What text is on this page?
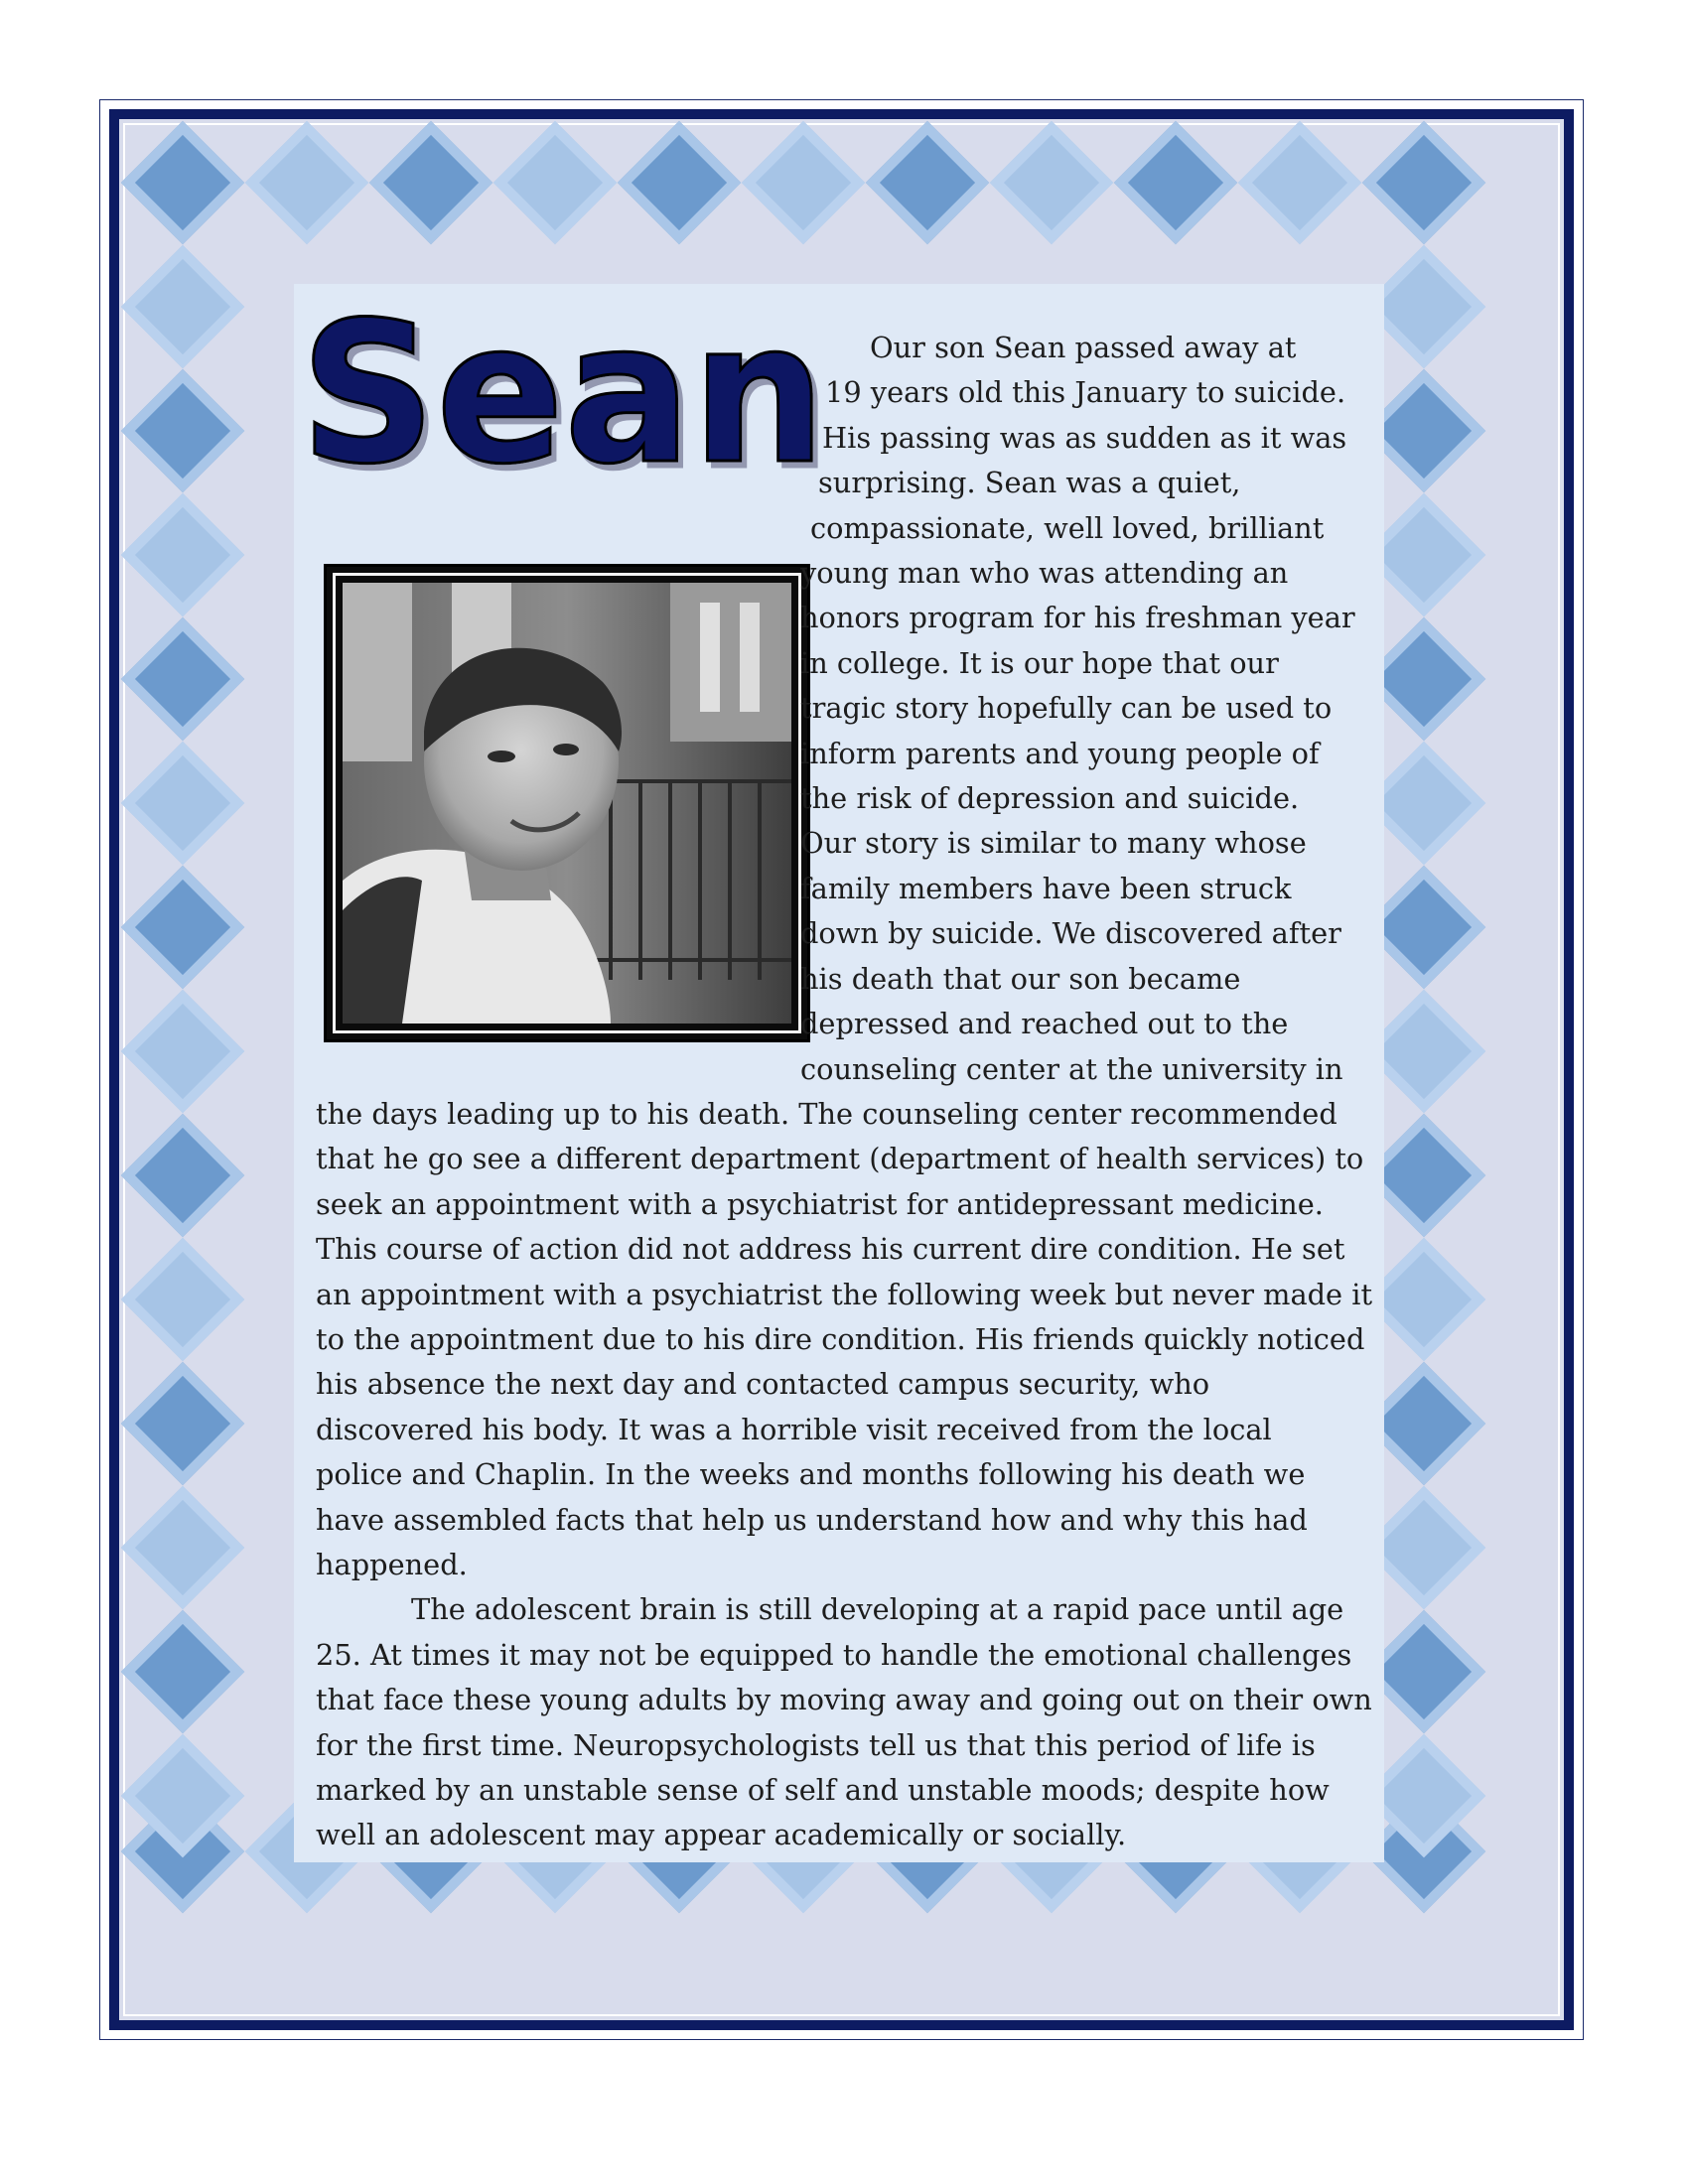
Sean	Our son Sean passed away at
19 years old this January to suicide.
His passing was as sudden as it was
surprising. Sean was a quiet,
compassionate, well loved, brilliant
young man who was attending an
honors program for his freshman year
in college. It is our hope that our
tragic story hopefully can be used to
inform parents and young people of
the risk of depression and suicide.
Our story is similar to many whose
family members have been struck
down by suicide. We discovered after
his death that our son became
depressed and reached out to the
counseling center at the university in
the days leading up to his death. The counseling center recommended
that he go see a different department (department of health services) to
seek an appointment with a psychiatrist for antidepressant medicine.
This course of action did not address his current dire condition. He set
an appointment with a psychiatrist the following week but never made it
to the appointment due to his dire condition. His friends quickly noticed
his absence the next day and contacted campus security, who
discovered his body. It was a horrible visit received from the local
police and Chaplin. In the weeks and months following his death we
have assembled facts that help us understand how and why this had
happened.

The adolescent brain is still developing at a rapid pace until age
25. At times it may not be equipped to handle the emotional challenges
that face these young adults by moving away and going out on their own
for the first time. Neuropsychologists tell us that this period of life is
marked by an unstable sense of self and unstable moods; despite how
well an adolescent may appear academically or socially.
